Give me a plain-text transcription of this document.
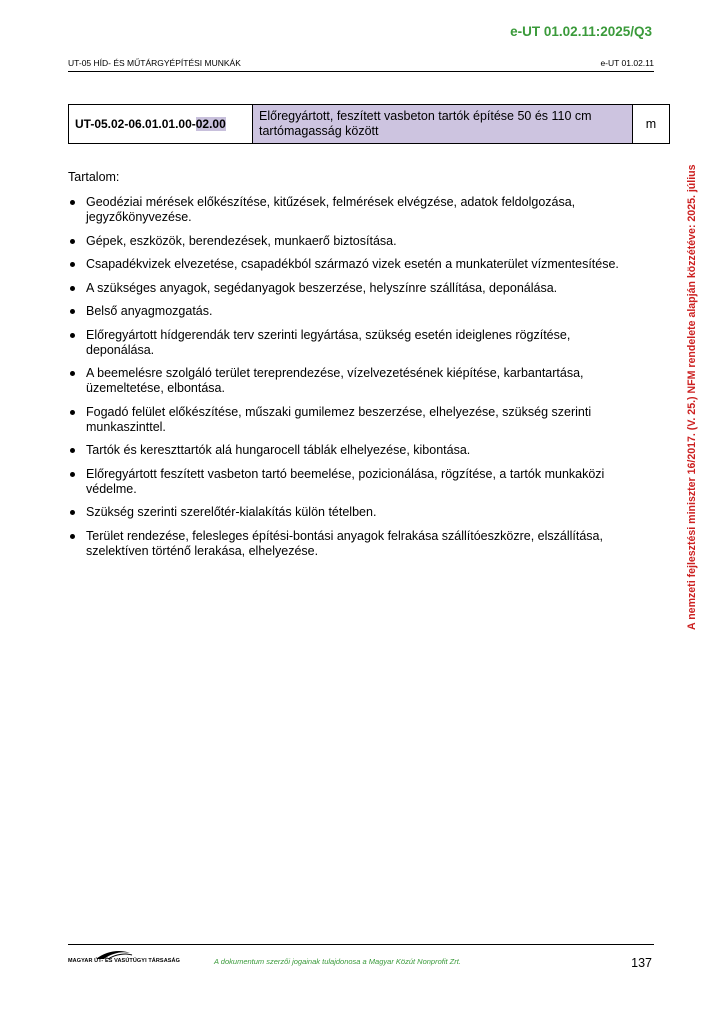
e-UT 01.02.11:2025/Q3
UT-05 HÍD- ÉS MŰTÁRGYÉPÍTÉSI MUNKÁK	e-UT 01.02.11
UT-05.02-06.01.01.00-02.00	Előregyártott, feszített vasbeton tartók építése 50 és 110 cm tartómagasság között	m

Tartalom:

Geodéziai mérések előkészítése, kitűzések, felmérések elvégzése, adatok feldolgozása, jegyzőkönyvezése.
Gépek, eszközök, berendezések, munkaerő biztosítása.
Csapadékvizek elvezetése, csapadékból származó vizek esetén a munkaterület vízmentesítése.
A szükséges anyagok, segédanyagok beszerzése, helyszínre szállítása, deponálása.
Belső anyagmozgatás.
Előregyártott hídgerendák terv szerinti legyártása, szükség esetén ideiglenes rögzítése, deponálása.
A beemelésre szolgáló terület tereprendezése, vízelvezetésének kiépítése, karbantartása, üzemeltetése, elbontása.
Fogadó felület előkészítése, műszaki gumilemez beszerzése, elhelyezése, szükség szerinti munkaszinttel.
Tartók és kereszttartók alá hungarocell táblák elhelyezése, kibontása.
Előregyártott feszített vasbeton tartó beemelése, pozicionálása, rögzítése, a tartók munkaközi védelme.
Szükség szerinti szerelőtér-kialakítás külön tételben.
Terület rendezése, felesleges építési-bontási anyagok felrakása szállítóeszközre, elszállítása, szelektíven történő lerakása, elhelyezése.	A nemzeti fejlesztési miniszter 16/2017. (V. 25.) NFM rendelete alapján közzétéve: 2025. július
MAGYAR ÚT- ÉS VASÚTÜGYI TÁRSASÁG	A dokumentum szerzői jogainak tulajdonosa a Magyar Közút Nonprofit Zrt.	137
